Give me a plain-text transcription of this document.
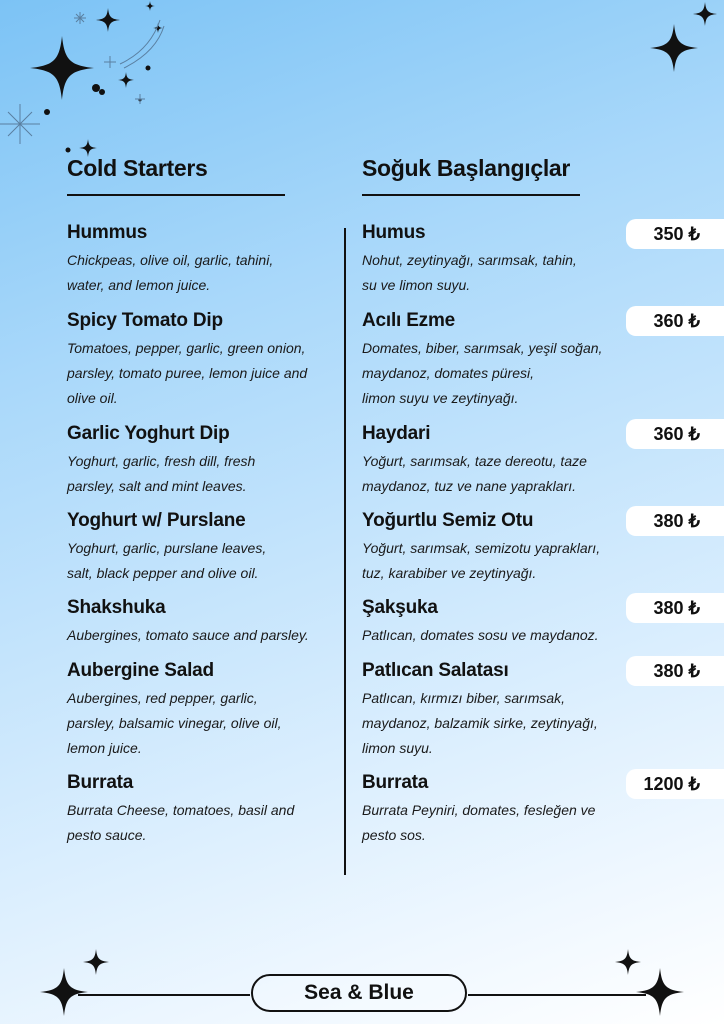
Cold Starters	Soğuk Başlangıçlar
Hummus
Chickpeas, olive oil, garlic, tahini,
water, and lemon juice.
Humus
Nohut, zeytinyağı, sarımsak, tahin,
su ve limon suyu.
350 ₺
Spicy Tomato Dip
Tomatoes, pepper, garlic, green onion,
parsley, tomato puree, lemon juice and
olive oil.
Acılı Ezme
Domates, biber, sarımsak, yeşil soğan,
maydanoz, domates püresi,
limon suyu ve zeytinyağı.
360 ₺
Garlic Yoghurt Dip
Yoghurt, garlic, fresh dill, fresh
parsley, salt and mint leaves.
Haydari
Yoğurt, sarımsak, taze dereotu, taze
maydanoz, tuz ve nane yaprakları.
360 ₺
Yoghurt w/ Purslane
Yoghurt, garlic, purslane leaves,
salt, black pepper and olive oil.
Yoğurtlu Semiz Otu
Yoğurt, sarımsak, semizotu yaprakları,
tuz, karabiber ve zeytinyağı.
380 ₺
Shakshuka
Aubergines, tomato sauce and parsley.
Şakşuka
Patlıcan, domates sosu ve maydanoz.
380 ₺
Aubergine Salad
Aubergines, red pepper, garlic,
parsley, balsamic vinegar, olive oil,
lemon juice.
Patlıcan Salatası
Patlıcan, kırmızı biber, sarımsak,
maydanoz, balzamik sirke, zeytinyağı,
limon suyu.
380 ₺
Burrata
Burrata Cheese, tomatoes, basil and
pesto sauce.
Burrata
Burrata Peyniri, domates, fesleğen ve
pesto sos.
1200 ₺
Sea & Blue
